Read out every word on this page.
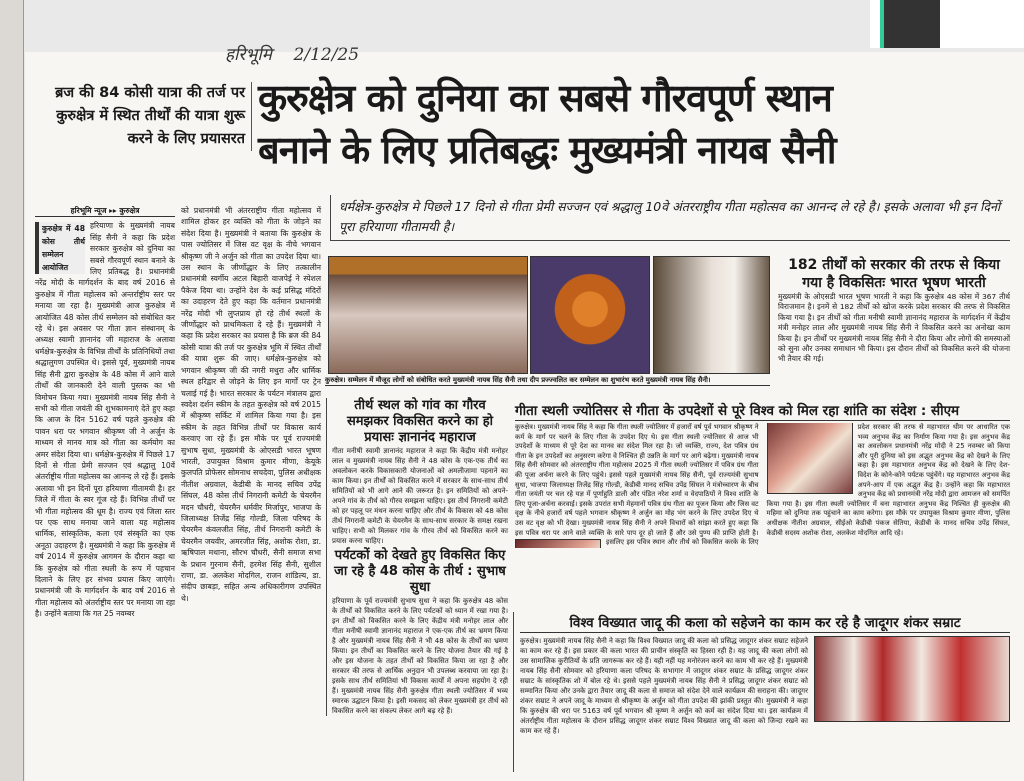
हरिभूमि 2/12/25
ब्रज की 84 कोसी यात्रा की तर्ज पर कुरुक्षेत्र में स्थित तीर्थों की यात्रा शुरू करने के लिए प्रयासरत
कुरुक्षेत्र को दुनिया का सबसे गौरवपूर्ण स्थान
बनाने के लिए प्रतिबद्धः मुख्यमंत्री नायब सैनी
धर्मक्षेत्र-कुरुक्षेत्र मे पिछले 17 दिनो से गीता प्रेमी सज्जन एवं श्रद्धालु 10वे अंतरराष्ट्रीय गीता महोत्सव का आनन्द ले रहे है। इसके अलावा भी इन दिनों पूरा हरियाणा गीतामयी है।
हरिभूमि न्यूज ▸▸ कुरुक्षेत्र
कुरुक्षेत्र में 48 कोस तीर्थ सम्मेलन आयोजित
हरियाणा के मुख्यमंत्री नायब सिंह सैनी ने कहा कि प्रदेश सरकार कुरुक्षेत्र को दुनिया का सबसे गौरवपूर्ण स्थान बनाने के लिए प्रतिबद्ध है। प्रधानमंत्री नरेंद्र मोदी के मार्गदर्शन के बाद वर्ष 2016 से कुरुक्षेत्र में गीता महोत्सव को अन्तर्राष्ट्रीय स्तर पर मनाया जा रहा है। मुख्यमंत्री आज कुरुक्षेत्र में आयोजित 48 कोस तीर्थ सम्मेलन को संबोधित कर रहे थे। इस अवसर पर गीता ज्ञान संस्थानम् के अध्यक्ष स्वामी ज्ञानानंद जी महाराज के अलावा धर्मक्षेत्र-कुरुक्षेत्र के विभिन्न तीर्थों के प्रतिनिधियों तथा श्रद्धालुगण उपस्थित थे। इससे पूर्व, मुख्यमंत्री नायब सिंह सैनी द्वारा कुरुक्षेत्र के 48 कोस में आने वाले तीर्थों की जानकारी देने वाली पुस्तक का भी विमोचन किया गया। मुख्यमंत्री नायब सिंह सैनी ने सभी को गीता जयंती की शुभकामनाएं देते हुए कहा कि आज के दिन 5162 वर्ष पहले कुरुक्षेत्र की पावन धरा पर भगवान श्रीकृष्ण जी ने अर्जुन के माध्यम से मानव मात्र को गीता का कर्मयोग का अमर संदेश दिया था। धर्मक्षेत्र-कुरुक्षेत्र में पिछले 17 दिनों से गीता प्रेमी सज्जन एवं श्रद्धालु 10वें अंतर्राष्ट्रीय गीता महोत्सव का आनन्द ले रहे हैं। इसके अलावा भी इन दिनों पूरा हरियाणा गीतामयी है। हर जिले में गीता के स्वर गूंज रहे हैं। विभिन्न तीर्थों पर भी गीता महोत्सव की धूम है। राज्य एवं जिला स्तर पर एक साथ मनाया जाने वाला यह महोत्सव धार्मिक, सांस्कृतिक, कला एवं संस्कृति का एक अनूठा उदाहरण है। मुख्यमंत्री ने कहा कि कुरुक्षेत्र में वर्ष 2014 में कुरुक्षेत्र आगमन के दौरान कहा था कि कुरुक्षेत्र को गीता स्थली के रूप में पहचान दिलाने के लिए हर संभव प्रयास किए जाएंगे। प्रधानमंत्री जी के मार्गदर्शन के बाद वर्ष 2016 से गीता महोत्सव को अंतर्राष्ट्रीय स्तर पर मनाया जा रहा है। उन्होंने बताया कि गत 25 नवम्बर
को प्रधानमंत्री भी अंतरराष्ट्रीय गीता महोत्सव में शामिल होकर हर व्यक्ति को गीता के जोड़ने का संदेश दिया है। मुख्यमंत्री ने बताया कि कुरुक्षेत्र के पास ज्योतिसर में जिस वट वृक्ष के नीचे भगवान श्रीकृष्ण जी ने अर्जुन को गीता का उपदेश दिया था। उस स्थान के जीर्णोद्धार के लिए तत्कालीन प्रधानमंत्री स्वर्गीय अटल बिहारी वाजपेई ने स्पेशल पैकेज दिया था। उन्होंने देश के कई प्रसिद्ध मंदिरों का उदाहरण देते हुए कहा कि वर्तमान प्रधानमंत्री नरेंद्र मोदी भी लुप्तप्राय हो रहे तीर्थ स्थलों के जीर्णोद्धार को प्राथमिकता दे रहे हैं। मुख्यमंत्री ने कहा कि प्रदेश सरकार का प्रयास है कि ब्रज की 84 कोसी यात्रा की तर्ज पर कुरुक्षेत्र भूमि में स्थित तीर्थों की यात्रा शुरू की जाए। धर्मक्षेत्र-कुरुक्षेत्र को भगवान श्रीकृष्ण जी की नगरी मथुरा और धार्मिक स्थल हरिद्वार से जोड़ने के लिए इन मार्गों पर ट्रेन चलाई गई है। भारत सरकार के पर्यटन मंत्रालय द्वारा स्वदेश दर्शन स्कीम के तहत कुरुक्षेत्र को वर्ष 2015 में श्रीकृष्ण सर्किट में शामिल किया गया है। इस स्कीम के तहत विभिन्न तीर्थों पर विकास कार्य करवाए जा रहे हैं। इस मौके पर पूर्व राज्यमंत्री सुभाष सुधा, मुख्यमंत्री के ओएसडी भारत भूषण भारती, उपायुक्त विश्राम कुमार मीणा, केयूके कुलपति प्रोफेसर सोमनाथ सचदेवा, पुलिस अधीक्षक नीतीश अग्रवाल, केडीबी के मानद सचिव उपेंद्र सिंघल, 48 कोस तीर्थ निगरानी कमेटी के चेयरमैन मदन चौधरी, चेयरमैन धर्मवीर मिर्जापुर, भाजपा के जिलाध्यक्ष तिजेंद्र सिंह गोल्डी, जिला परिषद के चेयरमैन कंवलजीत सिंह, तीर्थ निगरानी कमेटी के चेयरमैन जयवीर, अमरजीत सिंह, अशोक रोशा, डा. ऋषिपाल मथाना, सौरभ चौधरी, सैनी समाज सभा के प्रधान गुरनाम सैनी, हरमेश सिंह सैनी, सुशील राणा, डा. अलकेश मोदगिल, राजन शांडिल्य, डा. संदीप छाबड़ा, सहित अन्य अधिकारीगण उपस्थित थे।
कुरुक्षेत्र। सम्मेलन में मौजूद लोगों को संबोधित करते मुख्यमंत्री नायब सिंह सैनी तथा दीप प्रज्ज्वलित कर सम्मेलन का शुभारंभ करते मुख्यमंत्री नायब सिंह सैनी।
182 तीर्थों को सरकार की तरफ से किया गया है विकसितः भारत भूषण भारती

मुख्यमंत्री के ओएसडी भारत भूषण भारती ने कहा कि कुरुक्षेत्र 48 कोस में 367 तीर्थ विराजमान है। इनमें से 182 तीर्थों को खोज करके प्रदेश सरकार की तरफ से विकसित किया गया है। इन तीर्थों को गीता मनीषी स्वामी ज्ञानानंद महाराज के मार्गदर्शन में केंद्रीय मंत्री मनोहर लाल और मुख्यमंत्री नायब सिंह सैनी ने विकसित करने का अनोखा काम किया है। इन तीर्थों पर मुख्यमंत्री नायब सिंह सैनी ने दौरा किया और लोगों की समस्याओं को सुना और उनका समाधान भी किया। इस दौरान तीर्थों को विकसित करने की योजना भी तैयार की गई।

तीर्थ स्थल को गांव का गौरव समझकर विकसित करने का हो प्रयासः ज्ञानानंद महाराज

गीता मनीषी स्वामी ज्ञानानंद महाराज ने कहा कि केंद्रीय मंत्री मनोहर लाल व मुख्यमंत्री नायब सिंह सैनी ने 48 कोस के एक-एक तीर्थ का अवलोकन करके विकासकारी योजनाओं को अमलीजामा पहनाने का काम किया। इन तीर्थों को विकसित करने में सरकार के साथ-साथ तीर्थ समितियों को भी आगे आने की जरूरत है। इन समितियों को अपने-अपने गांव के तीर्थ को गौरव समझना चाहिए। इस तीर्थ निगरानी कमेटी को हर पहलू पर मंथन करना चाहिए और तीर्थ के विकास को 48 कोस तीर्थ निगरानी कमेटी के चेयरमैन के साथ-साथ सरकार के समक्ष रखना चाहिए। सभी को मिलकर गांव के गौरव तीर्थ को विकसित करने का प्रयास करना चाहिए।

पर्यटकों को देखते हुए विकसित किए जा रहे है 48 कोस के तीर्थ : सुभाष सुधा

हरियाणा के पूर्व राज्यमंत्री सुभाष सुधा ने कहा कि कुरुक्षेत्र 48 कोस के तीर्थों को विकसित करने के लिए पर्यटकों को ध्यान में रखा गया है। इन तीर्थों को विकसित करने के लिए केंद्रीय मंत्री मनोहर लाल और गीता मनीषी स्वामी ज्ञानानंद महाराज ने एक-एक तीर्थ का भ्रमण किया है और मुख्यमंत्री नायब सिंह सैनी ने भी 48 कोस के तीर्थों का भ्रमण किया। इन तीर्थों का विकसित करने के लिए योजना तैयार की गई है और इस योजना के तहत तीर्थों को विकसित किया जा रहा है और सरकार की तरफ से आर्थिक अनुदान भी उपलब्ध करवाया जा रहा है। इसके साथ तीर्थ समितियां भी विकास कार्यों में अपना सहयोग दे रही हैं। मुख्यमंत्री नायब सिंह सैनी कुरुक्षेत्र गीता स्थली ज्योतिसर में भव्य स्मारक उद्घाटन किया है। इसी मकसद को लेकर मुख्यमंत्री हर तीर्थ को विकसित करने का संकल्प लेकर आगे बढ़ रहे हैं।

गीता स्थली ज्योतिसर से गीता के उपदेशों से पूरे विश्व को मिल रहा शांति का संदेश : सीएम
कुरुक्षेत्र। मुख्यमंत्री नायब सिंह ने कहा कि गीता स्थली ज्योतिसर में हजारों वर्ष पूर्व भगवान श्रीकृष्ण ने कर्म के मार्ग पर चलने के लिए गीता के उपदेश दिए थे। इस गीता स्थली ज्योतिसर से आज भी उपदेशों के माध्यम से पूरे देश का मानव का संदेश मिल रहा है। जो व्यक्ति, राज्य, देश पवित्र ग्रंथ गीता के इन उपदेशों का अनुसरण करेगा वे निश्चित ही उन्नति के मार्ग पर आगे बढ़ेगा। मुख्यमंत्री नायब सिंह सैनी सोमवार को अंतरराष्ट्रीय गीता महोत्सव 2025 में गीता स्थली ज्योतिसर में पवित्र ग्रंथ गीता की पूजा अर्चना करने के लिए पहुंचे। इससे पहले मुख्यमंत्री नायब सिंह सैनी, पूर्व राज्यमंत्री सुभाष सुधा, भाजपा जिलाध्यक्ष तिजेंद्र सिंह गोल्डी, केडीबी मानद सचिव उपेंद्र सिंघल ने मंत्रोच्चारण के बीच गीता जयंती पर चल रहे यज्ञ में पूर्णाहुति डाली और पंडित नरेश शर्मा व वेदपाठियों ने विश्व शांति के लिए पूजा-अर्चना करवाई। इसके उपरांत सभी मेहमानों पवित्र ग्रंथ गीता का पूजन किया और जिस वट वृक्ष के नीचे हजारों वर्ष पहले भगवान श्रीकृष्ण ने अर्जुन का मोह भंग करने के लिए उपदेश दिए थे उस वट वृक्ष को भी देखा। मुख्यमंत्री नायब सिंह सैनी ने अपने विचारों को सांझा करते हुए कहा कि इस पवित्र धरा पर आने वाले व्यक्ति के सारे पाप दूर हो जाते हैं और उसे पुण्य की प्राप्ति होती है। इसलिए इस पवित्र स्थान और तीर्थ को विकसित करके के लिए प्रदेश सरकार की तरफ से महाभारत थीम पर आधारित एक भव्य अनुभव केंद्र का निर्माण किया गया है। इस अनुभव केंद्र का अवलोकन प्रधानमंत्री नरेंद्र मोदी ने 25 नवम्बर को किया और पूरी दुनिया को इस अद्भुत अनुभव केंद्र को देखने के लिए कहा है। इस महाभारत अनुभव केंद्र को देखने के लिए देश-विदेश के कोने-कोने पर्यटक पहुंचेंगे। यह महाभारत अनुभव केंद्र अपने-आप में एक अद्भुत केंद्र है। उन्होंने कहा कि महाभारत अनुभव केंद्र को प्रधानमंत्री नरेंद्र मोदी द्वारा आमजन को समर्पित किया गया है। इस गीता स्थली ज्योतिसर में बना महाभारत अनुभव केंद्र निश्चित ही कुरुक्षेत्र की महिमा को दुनिया तक पहुंचाने का काम करेगा। इस मौके पर उपायुक्त विश्राम कुमार मीणा, पुलिस अधीक्षक नीतीश अग्रवाल, सीईओ केडीबी पंकज सेतिया, केडीबी के मानद सचिव उपेंद्र सिंघल, केडीबी सदस्य अशोक रोशा, अलकेश मोदगिल आदि रहे।
विश्व विख्यात जादू की कला को सहेजने का काम कर रहे है जादूगर शंकर सम्राट
कुरुक्षेत्र। मुख्यमंत्री नायब सिंह सैनी ने कहा कि विश्व विख्यात जादू की कला को प्रसिद्ध जादूगर शंकर सम्राट सहेजने का काम कर रहे हैं। इस प्रकार की कला भारत की प्राचीन संस्कृति का हिस्सा रही है। यह जादू की कला लोगों को उस सामाजिक कुरीतियों के प्रति जागरूक कर रहे हैं। यही नहीं यह मनोरंजन करने का काम भी कर रहे हैं। मुख्यमंत्री नायब सिंह सैनी सोमवार को हरियाणा कला परिषद के सभागार में जादूगर शंकर सम्राट के प्रसिद्ध जादूगर शंकर सम्राट के सांस्कृतिक शो में बोल रहे थे। इससे पहले मुख्यमंत्री नायब सिंह सैनी ने प्रसिद्ध जादूगर शंकर सम्राट को सम्मानित किया और उनके द्वारा तैयार जादू की कला से समाज को संदेश देने वाले कार्यक्रम की सराहना की। जादूगर शंकर सम्राट ने अपने जादू के माध्यम से श्रीकृष्ण के अर्जुन को गीता उपदेश की झांकी प्रस्तुत की। मुख्यमंत्री ने कहा कि कुरुक्षेत्र की धरा पर 5163 वर्ष पूर्व भगवान श्री कृष्ण ने अर्जुन को कर्म का संदेश दिया था। इस कार्यक्रम में अंतर्राष्ट्रीय गीता महोत्सव के दौरान प्रसिद्ध जादूगर शंकर सम्राट विश्व विख्यात जादू की कला को जिन्दा रखने का काम कर रहे हैं।
